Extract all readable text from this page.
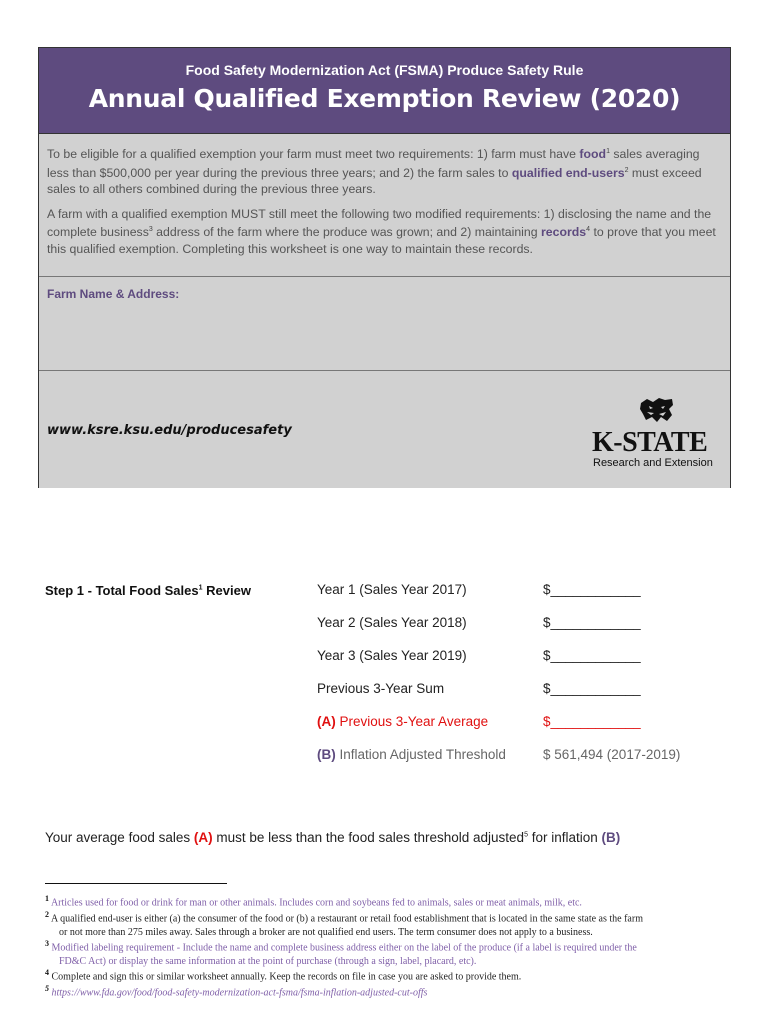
Food Safety Modernization Act (FSMA) Produce Safety Rule
Annual Qualified Exemption Review (2020)

To be eligible for a qualified exemption your farm must meet two requirements: 1) farm must have food$^1$ sales averaging less than $500,000 per year during the previous three years; and 2) the farm sales to qualified end-users$^2$ must exceed sales to all others combined during the previous three years.

A farm with a qualified exemption MUST still meet the following two modified requirements: 1) disclosing the name and the complete business$^3$ address of the farm where the produce was grown; and 2) maintaining records$^4$ to prove that you meet this qualified exemption. Completing this worksheet is one way to maintain these records.

Farm Name & Address:
www.ksre.ksu.edu/producesafety	K-STATE
Research and Extension
Step 1 - Total Food Sales$^1$ Review	Year 1 (Sales Year 2017)	$____________
Year 2 (Sales Year 2018)	$____________
Year 3 (Sales Year 2019)	$____________
Previous 3-Year Sum	$____________
(A) Previous 3-Year Average	$____________
(B) Inflation Adjusted Threshold	$ 561,494 (2017-2019)
Your average food sales (A) must be less than the food sales threshold adjusted$^5$ for inflation (B)
$^1$ Articles used for food or drink for man or other animals. Includes corn and soybeans fed to animals, sales or meat animals, milk, etc.
$^2$ A qualified end-user is either (a) the consumer of the food or (b) a restaurant or retail food establishment that is located in the same state as the farm
or not more than 275 miles away. Sales through a broker are not qualified end users. The term consumer does not apply to a business.
$^3$ Modified labeling requirement - Include the name and complete business address either on the label of the produce (if a label is required under the
FD&C Act) or display the same information at the point of purchase (through a sign, label, placard, etc).
$^4$ Complete and sign this or similar worksheet annually. Keep the records on file in case you are asked to provide them.
$^5$ https://www.fda.gov/food/food-safety-modernization-act-fsma/fsma-inflation-adjusted-cut-offs
